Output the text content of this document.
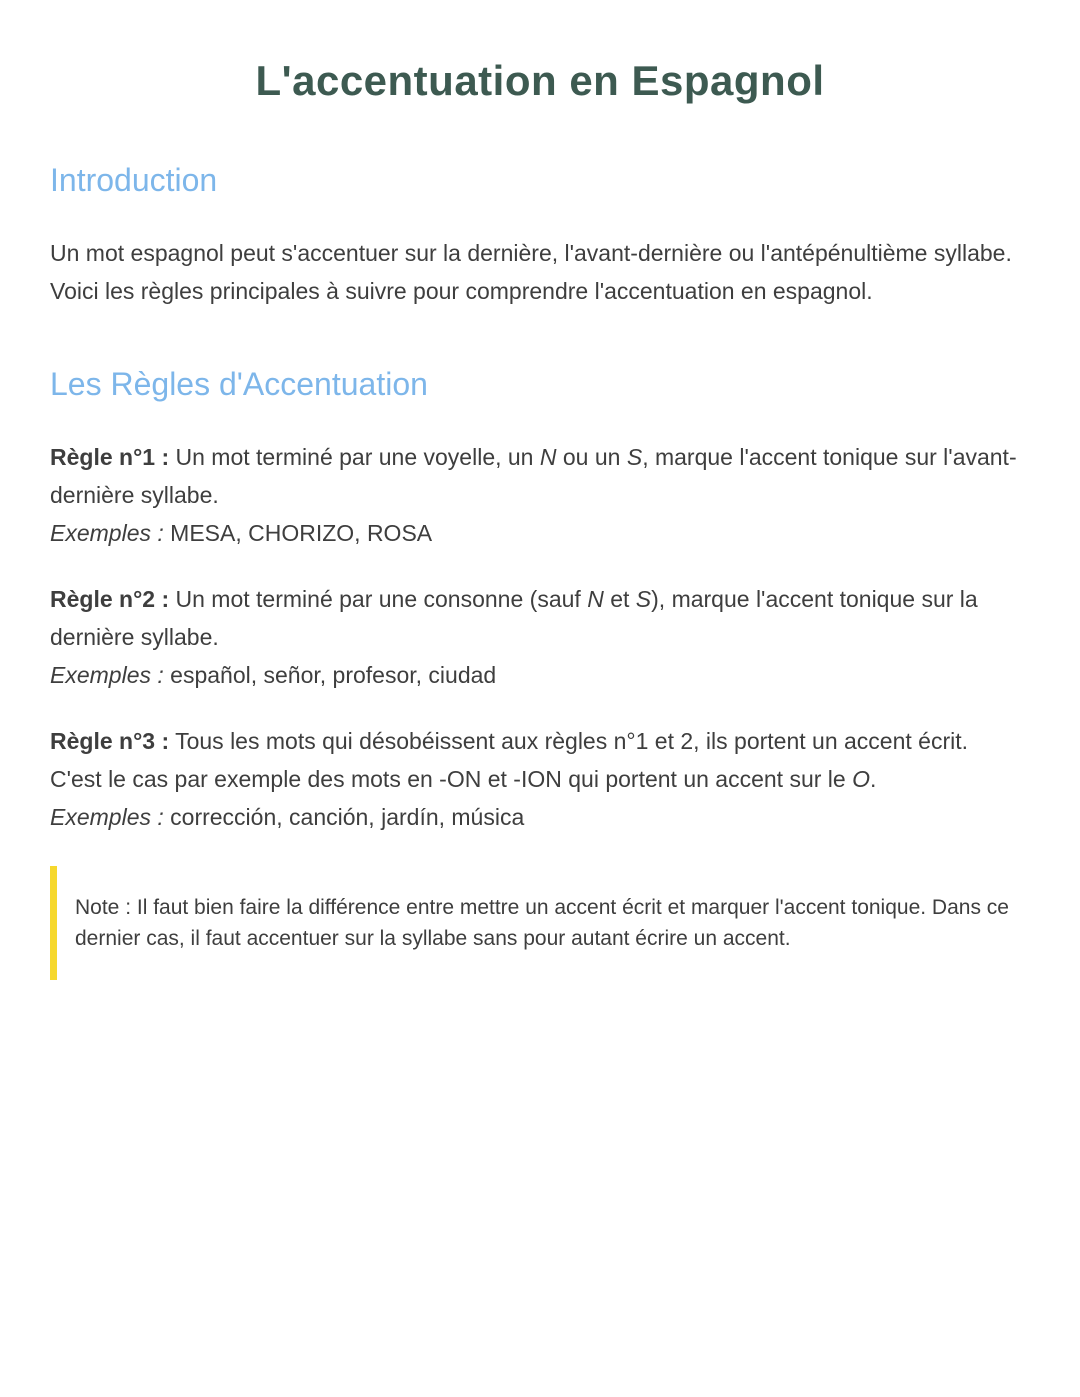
L'accentuation en Espagnol
Introduction

Un mot espagnol peut s'accentuer sur la dernière, l'avant-dernière ou l'antépénultième syllabe. Voici les règles principales à suivre pour comprendre l'accentuation en espagnol.

Les Règles d'Accentuation

Règle n°1 : Un mot terminé par une voyelle, un N ou un S, marque l'accent tonique sur l'avant-dernière syllabe.

Exemples : MESA, CHORIZO, ROSA

Règle n°2 : Un mot terminé par une consonne (sauf N et S), marque l'accent tonique sur la dernière syllabe.

Exemples : español, señor, profesor, ciudad

Règle n°3 : Tous les mots qui désobéissent aux règles n°1 et 2, ils portent un accent écrit.

C'est le cas par exemple des mots en -ON et -ION qui portent un accent sur le O.

Exemples : corrección, canción, jardín, música

Note : Il faut bien faire la différence entre mettre un accent écrit et marquer l'accent tonique. Dans ce dernier cas, il faut accentuer sur la syllabe sans pour autant écrire un accent.
